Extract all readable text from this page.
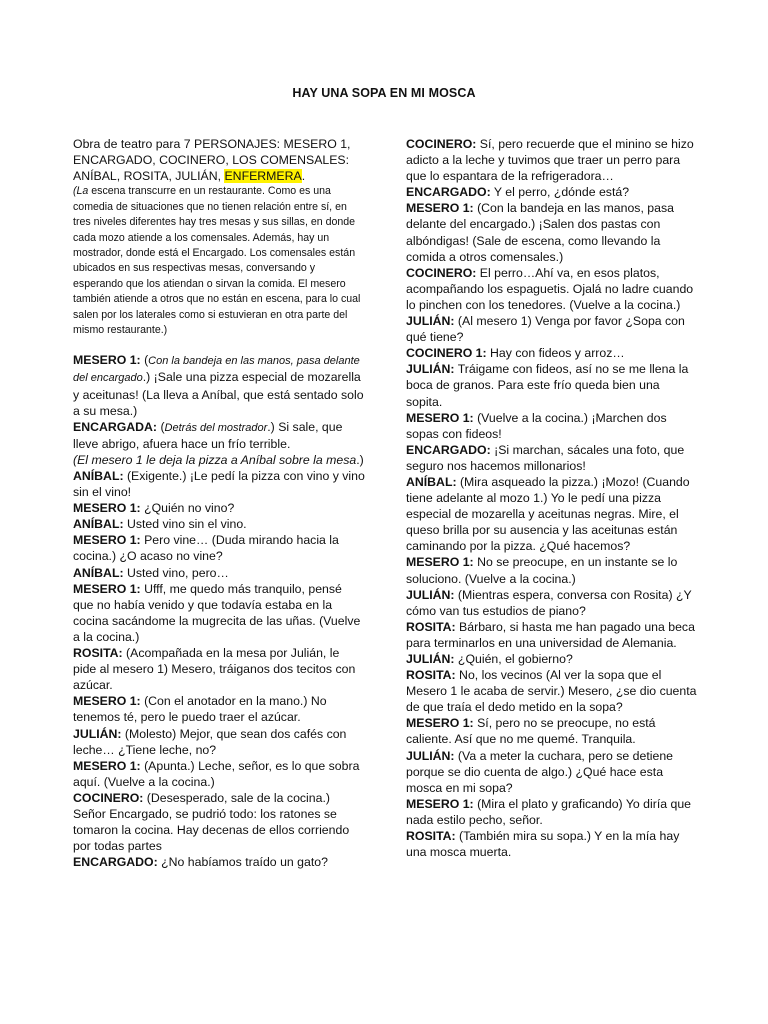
HAY UNA SOPA EN MI MOSCA

Obra de teatro para 7 PERSONAJES: MESERO 1, ENCARGADO, COCINERO, LOS COMENSALES: ANÍBAL, ROSITA, JULIÁN, ENFERMERA.

(La escena transcurre en un restaurante. Como es una comedia de situaciones que no tienen relación entre sí, en tres niveles diferentes hay tres mesas y sus sillas, en donde cada mozo atiende a los comensales. Además, hay un mostrador, donde está el Encargado. Los comensales están ubicados en sus respectivas mesas, conversando y esperando que los atiendan o sirvan la comida. El mesero también atiende a otros que no están en escena, para lo cual salen por los laterales como si estuvieran en otra parte del mismo restaurante.)

MESERO 1: (Con la bandeja en las manos, pasa delante del encargado.) ¡Sale una pizza especial de mozarella y aceitunas! (La lleva a Aníbal, que está sentado solo a su mesa.)

ENCARGADA: (Detrás del mostrador.) Si sale, que lleve abrigo, afuera hace un frío terrible.

(El mesero 1 le deja la pizza a Aníbal sobre la mesa.)

ANÍBAL: (Exigente.) ¡Le pedí la pizza con vino y vino sin el vino!

MESERO 1: ¿Quién no vino?

ANÍBAL: Usted vino sin el vino.

MESERO 1: Pero vine… (Duda mirando hacia la cocina.) ¿O acaso no vine?

ANÍBAL: Usted vino, pero…

MESERO 1: Ufff, me quedo más tranquilo, pensé que no había venido y que todavía estaba en la cocina sacándome la mugrecita de las uñas. (Vuelve a la cocina.)

ROSITA: (Acompañada en la mesa por Julián, le pide al mesero 1) Mesero, tráiganos dos tecitos con azúcar.

MESERO 1: (Con el anotador en la mano.) No tenemos té, pero le puedo traer el azúcar.

JULIÁN: (Molesto) Mejor, que sean dos cafés con leche… ¿Tiene leche, no?

MESERO 1: (Apunta.) Leche, señor, es lo que sobra aquí. (Vuelve a la cocina.)

COCINERO: (Desesperado, sale de la cocina.) Señor Encargado, se pudrió todo: los ratones se tomaron la cocina. Hay decenas de ellos corriendo por todas partes

ENCARGADO: ¿No habíamos traído un gato?

COCINERO: Sí, pero recuerde que el minino se hizo adicto a la leche y tuvimos que traer un perro para que lo espantara de la refrigeradora…

ENCARGADO: Y el perro, ¿dónde está?

MESERO 1: (Con la bandeja en las manos, pasa delante del encargado.) ¡Salen dos pastas con albóndigas! (Sale de escena, como llevando la comida a otros comensales.)

COCINERO: El perro…Ahí va, en esos platos, acompañando los espaguetis. Ojalá no ladre cuando lo pinchen con los tenedores. (Vuelve a la cocina.)

JULIÁN: (Al mesero 1) Venga por favor ¿Sopa con qué tiene?

COCINERO 1: Hay con fideos y arroz…

JULIÁN: Tráigame con fideos, así no se me llena la boca de granos. Para este frío queda bien una sopita.

MESERO 1: (Vuelve a la cocina.) ¡Marchen dos sopas con fideos!

ENCARGADO: ¡Si marchan, sácales una foto, que seguro nos hacemos millonarios!

ANÍBAL: (Mira asqueado la pizza.) ¡Mozo! (Cuando tiene adelante al mozo 1.) Yo le pedí una pizza especial de mozarella y aceitunas negras. Mire, el queso brilla por su ausencia y las aceitunas están caminando por la pizza. ¿Qué hacemos?

MESERO 1: No se preocupe, en un instante se lo soluciono. (Vuelve a la cocina.)

JULIÁN: (Mientras espera, conversa con Rosita) ¿Y cómo van tus estudios de piano?

ROSITA: Bárbaro, si hasta me han pagado una beca para terminarlos en una universidad de Alemania.

JULIÁN: ¿Quién, el gobierno?

ROSITA: No, los vecinos (Al ver la sopa que el Mesero 1 le acaba de servir.) Mesero, ¿se dio cuenta de que traía el dedo metido en la sopa?

MESERO 1: Sí, pero no se preocupe, no está caliente. Así que no me quemé. Tranquila.

JULIÁN: (Va a meter la cuchara, pero se detiene porque se dio cuenta de algo.) ¿Qué hace esta mosca en mi sopa?

MESERO 1: (Mira el plato y graficando) Yo diría que nada estilo pecho, señor.

ROSITA: (También mira su sopa.) Y en la mía hay una mosca muerta.
